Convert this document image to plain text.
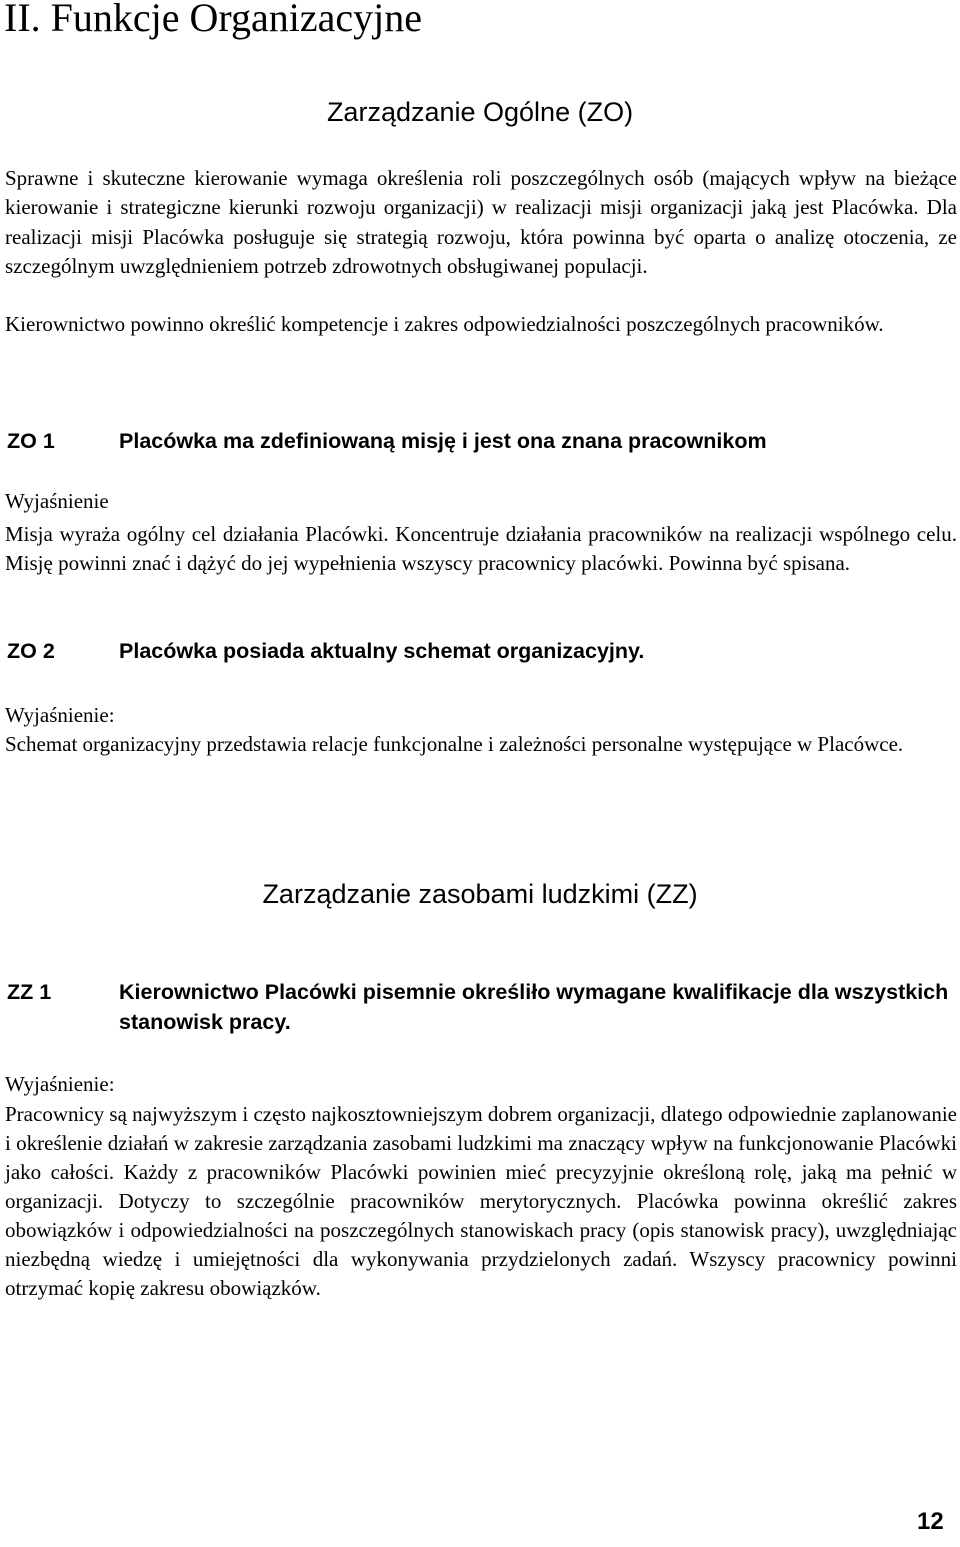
II. Funkcje Organizacyjne
Zarządzanie Ogólne (ZO)

Sprawne i skuteczne kierowanie wymaga określenia roli poszczególnych osób (mających wpływ na bieżące kierowanie i strategiczne kierunki rozwoju organizacji) w realizacji misji organizacji jaką jest Placówka. Dla realizacji misji Placówka posługuje się strategią rozwoju, która powinna być oparta o analizę otoczenia, ze szczególnym uwzględnieniem potrzeb zdrowotnych obsługiwanej populacji.

Kierownictwo powinno określić kompetencje i zakres odpowiedzialności poszczególnych pracowników.

ZO 1	Placówka ma zdefiniowaną misję i jest ona znana pracownikom
Wyjaśnienie

Misja wyraża ogólny cel działania Placówki. Koncentruje działania pracowników na realizacji wspólnego celu. Misję powinni znać i dążyć do jej wypełnienia wszyscy pracownicy placówki. Powinna być spisana.

ZO 2	Placówka posiada aktualny schemat organizacyjny.
Wyjaśnienie:

Schemat organizacyjny przedstawia relacje funkcjonalne i zależności personalne występujące w Placówce.

Zarządzanie zasobami ludzkimi (ZZ)
ZZ 1	Kierownictwo Placówki pisemnie określiło wymagane kwalifikacje dla wszystkich stanowisk pracy.
Wyjaśnienie:

Pracownicy są najwyższym i często najkosztowniejszym dobrem organizacji, dlatego odpowiednie zaplanowanie i określenie działań w zakresie zarządzania zasobami ludzkimi ma znaczący wpływ na funkcjonowanie Placówki jako całości. Każdy z pracowników Placówki powinien mieć precyzyjnie określoną rolę, jaką ma pełnić w organizacji. Dotyczy to szczególnie pracowników merytorycznych. Placówka powinna określić zakres obowiązków i odpowiedzialności na poszczególnych stanowiskach pracy (opis stanowisk pracy), uwzględniając niezbędną wiedzę i umiejętności dla wykonywania przydzielonych zadań. Wszyscy pracownicy powinni otrzymać kopię zakresu obowiązków.

12
